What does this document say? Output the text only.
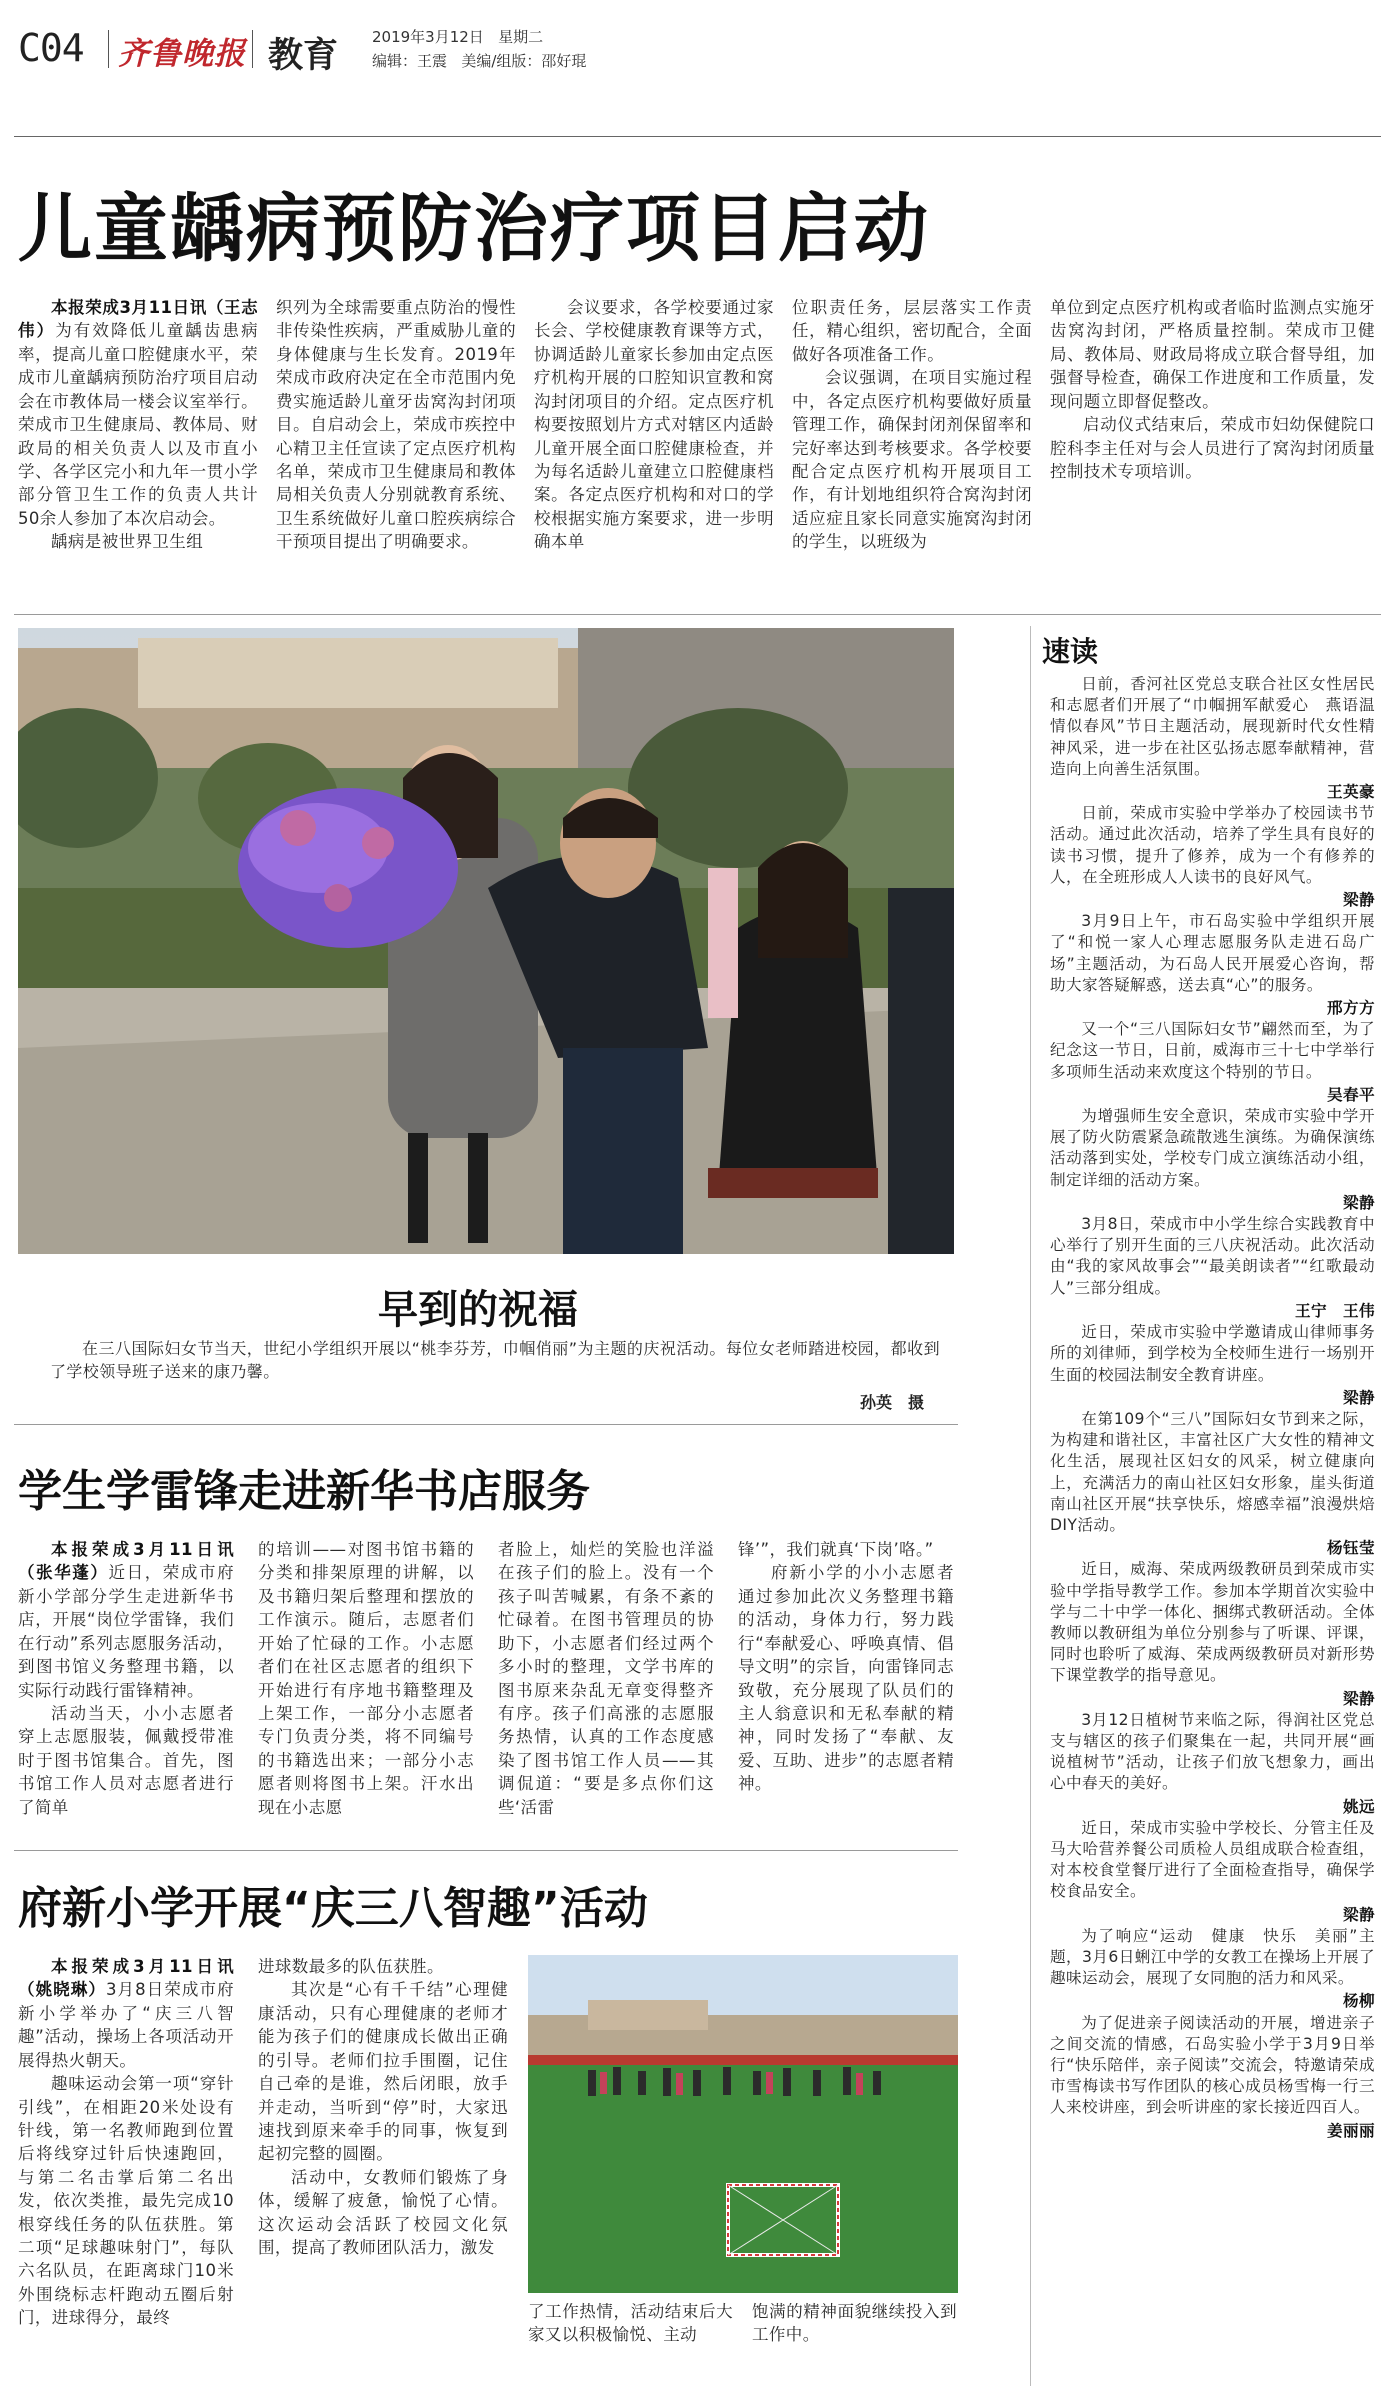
C04 齐鲁晚报 教育 2019年3月12日 星期二
编辑：王震 美编/组版：邵好琨
儿童龋病预防治疗项目启动

本报荣成3月11日讯（王志伟）为有效降低儿童龋齿患病率，提高儿童口腔健康水平，荣成市儿童龋病预防治疗项目启动会在市教体局一楼会议室举行。荣成市卫生健康局、教体局、财政局的相关负责人以及市直小学、各学区完小和九年一贯小学部分管卫生工作的负责人共计50余人参加了本次启动会。

龋病是被世界卫生组

织列为全球需要重点防治的慢性非传染性疾病，严重威胁儿童的身体健康与生长发育。2019年荣成市政府决定在全市范围内免费实施适龄儿童牙齿窝沟封闭项目。自启动会上，荣成市疾控中心精卫主任宣读了定点医疗机构名单，荣成市卫生健康局和教体局相关负责人分别就教育系统、卫生系统做好儿童口腔疾病综合干预项目提出了明确要求。

会议要求，各学校要通过家长会、学校健康教育课等方式，协调适龄儿童家长参加由定点医疗机构开展的口腔知识宣教和窝沟封闭项目的介绍。定点医疗机构要按照划片方式对辖区内适龄儿童开展全面口腔健康检查，并为每名适龄儿童建立口腔健康档案。各定点医疗机构和对口的学校根据实施方案要求，进一步明确本单

位职责任务，层层落实工作责任，精心组织，密切配合，全面做好各项准备工作。

会议强调，在项目实施过程中，各定点医疗机构要做好质量管理工作，确保封闭剂保留率和完好率达到考核要求。各学校要配合定点医疗机构开展项目工作，有计划地组织符合窝沟封闭适应症且家长同意实施窝沟封闭的学生，以班级为

单位到定点医疗机构或者临时监测点实施牙齿窝沟封闭，严格质量控制。荣成市卫健局、教体局、财政局将成立联合督导组，加强督导检查，确保工作进度和工作质量，发现问题立即督促整改。

启动仪式结束后，荣成市妇幼保健院口腔科李主任对与会人员进行了窝沟封闭质量控制技术专项培训。

早到的祝福

在三八国际妇女节当天，世纪小学组织开展以“桃李芬芳，巾帼俏丽”为主题的庆祝活动。每位女老师踏进校园，都收到了学校领导班子送来的康乃馨。

孙英　摄
学生学雷锋走进新华书店服务

本报荣成3月11日讯（张华蓬）近日，荣成市府新小学部分学生走进新华书店，开展“岗位学雷锋，我们在行动”系列志愿服务活动，到图书馆义务整理书籍，以实际行动践行雷锋精神。

活动当天，小小志愿者穿上志愿服装，佩戴授带准时于图书馆集合。首先，图书馆工作人员对志愿者进行了简单

的培训——对图书馆书籍的分类和排架原理的讲解，以及书籍归架后整理和摆放的工作演示。随后，志愿者们开始了忙碌的工作。小志愿者们在社区志愿者的组织下开始进行有序地书籍整理及上架工作，一部分小志愿者专门负责分类，将不同编号的书籍选出来；一部分小志愿者则将图书上架。汗水出现在小志愿

者脸上，灿烂的笑脸也洋溢在孩子们的脸上。没有一个孩子叫苦喊累，有条不紊的忙碌着。在图书管理员的协助下，小志愿者们经过两个多小时的整理，文学书库的图书原来杂乱无章变得整齐有序。孩子们高涨的志愿服务热情，认真的工作态度感染了图书馆工作人员——其调侃道：“要是多点你们这些‘活雷

锋’”，我们就真‘下岗’咯。”

府新小学的小小志愿者通过参加此次义务整理书籍的活动，身体力行，努力践行“奉献爱心、呼唤真情、倡导文明”的宗旨，向雷锋同志致敬，充分展现了队员们的主人翁意识和无私奉献的精神，同时发扬了“奉献、友爱、互助、进步”的志愿者精神。

府新小学开展“庆三八智趣”活动

本报荣成3月11日讯（姚晓琳）3月8日荣成市府新小学举办了“庆三八智趣”活动，操场上各项活动开展得热火朝天。

趣味运动会第一项“穿针引线”，在相距20米处设有针线，第一名教师跑到位置后将线穿过针后快速跑回，与第二名击掌后第二名出发，依次类推，最先完成10根穿线任务的队伍获胜。第二项“足球趣味射门”，每队六名队员，在距离球门10米外围绕标志杆跑动五圈后射门，进球得分，最终

进球数最多的队伍获胜。

其次是“心有千千结”心理健康活动，只有心理健康的老师才能为孩子们的健康成长做出正确的引导。老师们拉手围圈，记住自己牵的是谁，然后闭眼，放手并走动，当听到“停”时，大家迅速找到原来牵手的同事，恢复到起初完整的圆圈。

活动中，女教师们锻炼了身体，缓解了疲惫，愉悦了心情。这次运动会活跃了校园文化氛围，提高了教师团队活力，激发

了工作热情，活动结束后大家又以积极愉悦、主动

饱满的精神面貌继续投入到工作中。

速读

日前，香河社区党总支联合社区女性居民和志愿者们开展了“巾帼拥军献爱心　燕语温情似春风”节日主题活动，展现新时代女性精神风采，进一步在社区弘扬志愿奉献精神，营造向上向善生活氛围。

王英豪

日前，荣成市实验中学举办了校园读书节活动。通过此次活动，培养了学生具有良好的读书习惯，提升了修养，成为一个有修养的人，在全班形成人人读书的良好风气。

梁静

3月9日上午，市石岛实验中学组织开展了“和悦一家人心理志愿服务队走进石岛广场”主题活动，为石岛人民开展爱心咨询，帮助大家答疑解惑，送去真“心”的服务。

邢方方

又一个“三八国际妇女节”翩然而至，为了纪念这一节日，日前，威海市三十七中学举行多项师生活动来欢度这个特别的节日。

吴春平

为增强师生安全意识，荣成市实验中学开展了防火防震紧急疏散逃生演练。为确保演练活动落到实处，学校专门成立演练活动小组，制定详细的活动方案。

梁静

3月8日，荣成市中小学生综合实践教育中心举行了别开生面的三八庆祝活动。此次活动由“我的家风故事会”“最美朗读者”“红歌最动人”三部分组成。

王宁　王伟

近日，荣成市实验中学邀请成山律师事务所的刘律师，到学校为全校师生进行一场别开生面的校园法制安全教育讲座。

梁静

在第109个“三八”国际妇女节到来之际，为构建和谐社区，丰富社区广大女性的精神文化生活，展现社区妇女的风采，树立健康向上，充满活力的南山社区妇女形象，崖头街道南山社区开展“扶享快乐，熔感幸福”浪漫烘焙DIY活动。

杨钰莹

近日，威海、荣成两级教研员到荣成市实验中学指导教学工作。参加本学期首次实验中学与二十中学一体化、捆绑式教研活动。全体教师以教研组为单位分别参与了听课、评课，同时也聆听了威海、荣成两级教研员对新形势下课堂教学的指导意见。

梁静

3月12日植树节来临之际，得润社区党总支与辖区的孩子们聚集在一起，共同开展“画说植树节”活动，让孩子们放飞想象力，画出心中春天的美好。

姚远

近日，荣成市实验中学校长、分管主任及马大哈营养餐公司质检人员组成联合检查组，对本校食堂餐厅进行了全面检查指导，确保学校食品安全。

梁静

为了响应“运动　健康　快乐　美丽”主题，3月6日蜊江中学的女教工在操场上开展了趣味运动会，展现了女同胞的活力和风采。

杨柳

为了促进亲子阅读活动的开展，增进亲子之间交流的情感，石岛实验小学于3月9日举行“快乐陪伴，亲子阅读”交流会，特邀请荣成市雪梅读书写作团队的核心成员杨雪梅一行三人来校讲座，到会听讲座的家长接近四百人。

姜丽丽
